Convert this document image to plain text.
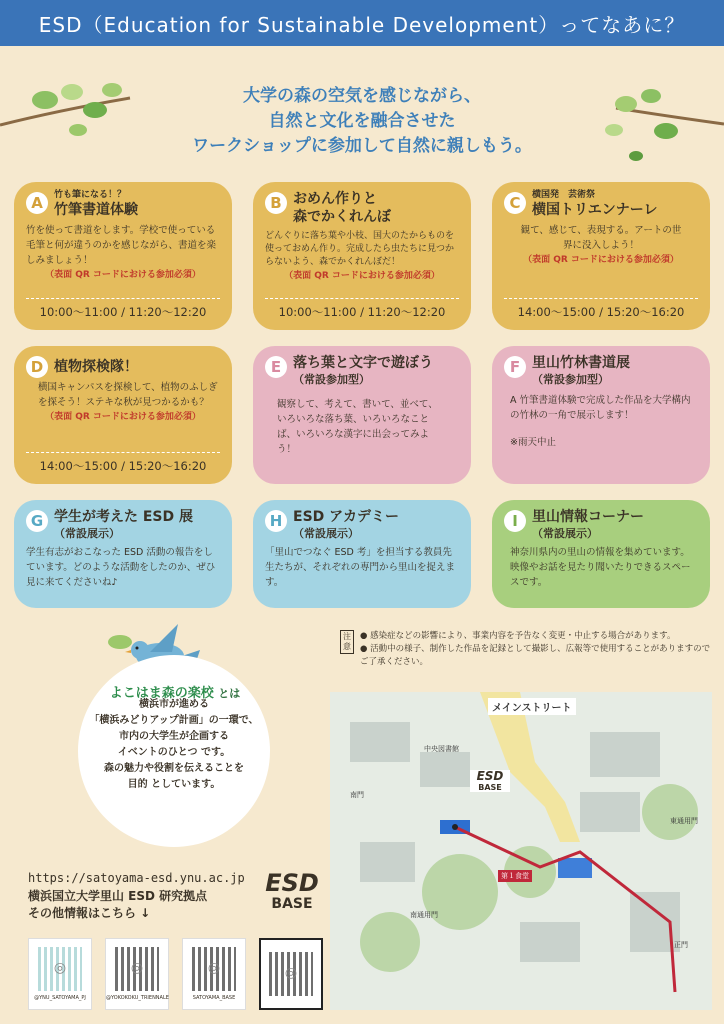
ESD（Education for Sustainable Development）ってなあに？
大学の森の空気を感じながら、
自然と文化を融合させた
ワークショップに参加して自然に親しもう。
A	竹も筆になる！？
竹筆書道体験
竹を使って書道をします。学校で使っている毛筆と何が違うのかを感じながら、書道を楽しみましょう！
（表面 QR コードにおける参加必須）
10:00〜11:00 / 11:20〜12:20
B おめん作りと
森でかくれんぼ
どんぐりに落ち葉や小枝、国大のたからものを使っておめん作り。完成したら虫たちに見つからないよう、森でかくれんぼだ！
（表面 QR コードにおける参加必須）
10:00〜11:00 / 11:20〜12:20
C	横国発　芸術祭
横国トリエンナーレ
観て、感じて、表現する。アートの世界に没入しよう！
（表面 QR コードにおける参加必須）
14:00〜15:00 / 15:20〜16:20
D 植物探検隊！
横国キャンパスを探検して、植物のふしぎを探そう！ステキな秋が見つかるかも？
（表面 QR コードにおける参加必須）
14:00〜15:00 / 15:20〜16:20
E 落ち葉と文字で遊ぼう
（常設参加型）
観察して、考えて、書いて、並べて、いろいろな落ち葉、いろいろなことば、いろいろな漢字に出会ってみよう！
F 里山竹林書道展
（常設参加型）
A 竹筆書道体験で完成した作品を大学構内の竹林の一角で展示します！
※雨天中止
G 学生が考えた ESD 展
（常設展示）
学生有志がおこなった ESD 活動の報告をしています。どのような活動をしたのか、ぜひ見に来てくださいね♪
H ESD アカデミー
（常設展示）
「里山でつなぐ ESD 考」を担当する教員先生たちが、それぞれの専門から里山を捉えます。
I	里山情報コーナー
（常設展示）
神奈川県内の里山の情報を集めています。映像やお話を見たり聞いたりできるスペースです。
注意
● 感染症などの影響により、事業内容を予告なく変更・中止する場合があります。
● 活動中の様子、制作した作品を記録として撮影し、広報等で使用することがありますのでご了承ください。
横浜市が進める
「横浜みどりアップ計画」の一環で、
市内の大学生が企画する
イベントのひとつ です。
森の魅力や役割を伝えることを
目的 としています。
よこはま森の楽校 とは
https://satoyama-esd.ynu.ac.jp
横浜国立大学里山 ESD 研究拠点
その他情報はこちら ↓
ESD
BASE
◎
@YNU_SATOYAMA_PJ
◎	@YOKOKOKU_TRIENNALE
◎	SATOYAMA_BASE
◎
メインストリート
中央図書館
南門
東通用門
南通用門
正門
第１食堂
ESD
BASE
